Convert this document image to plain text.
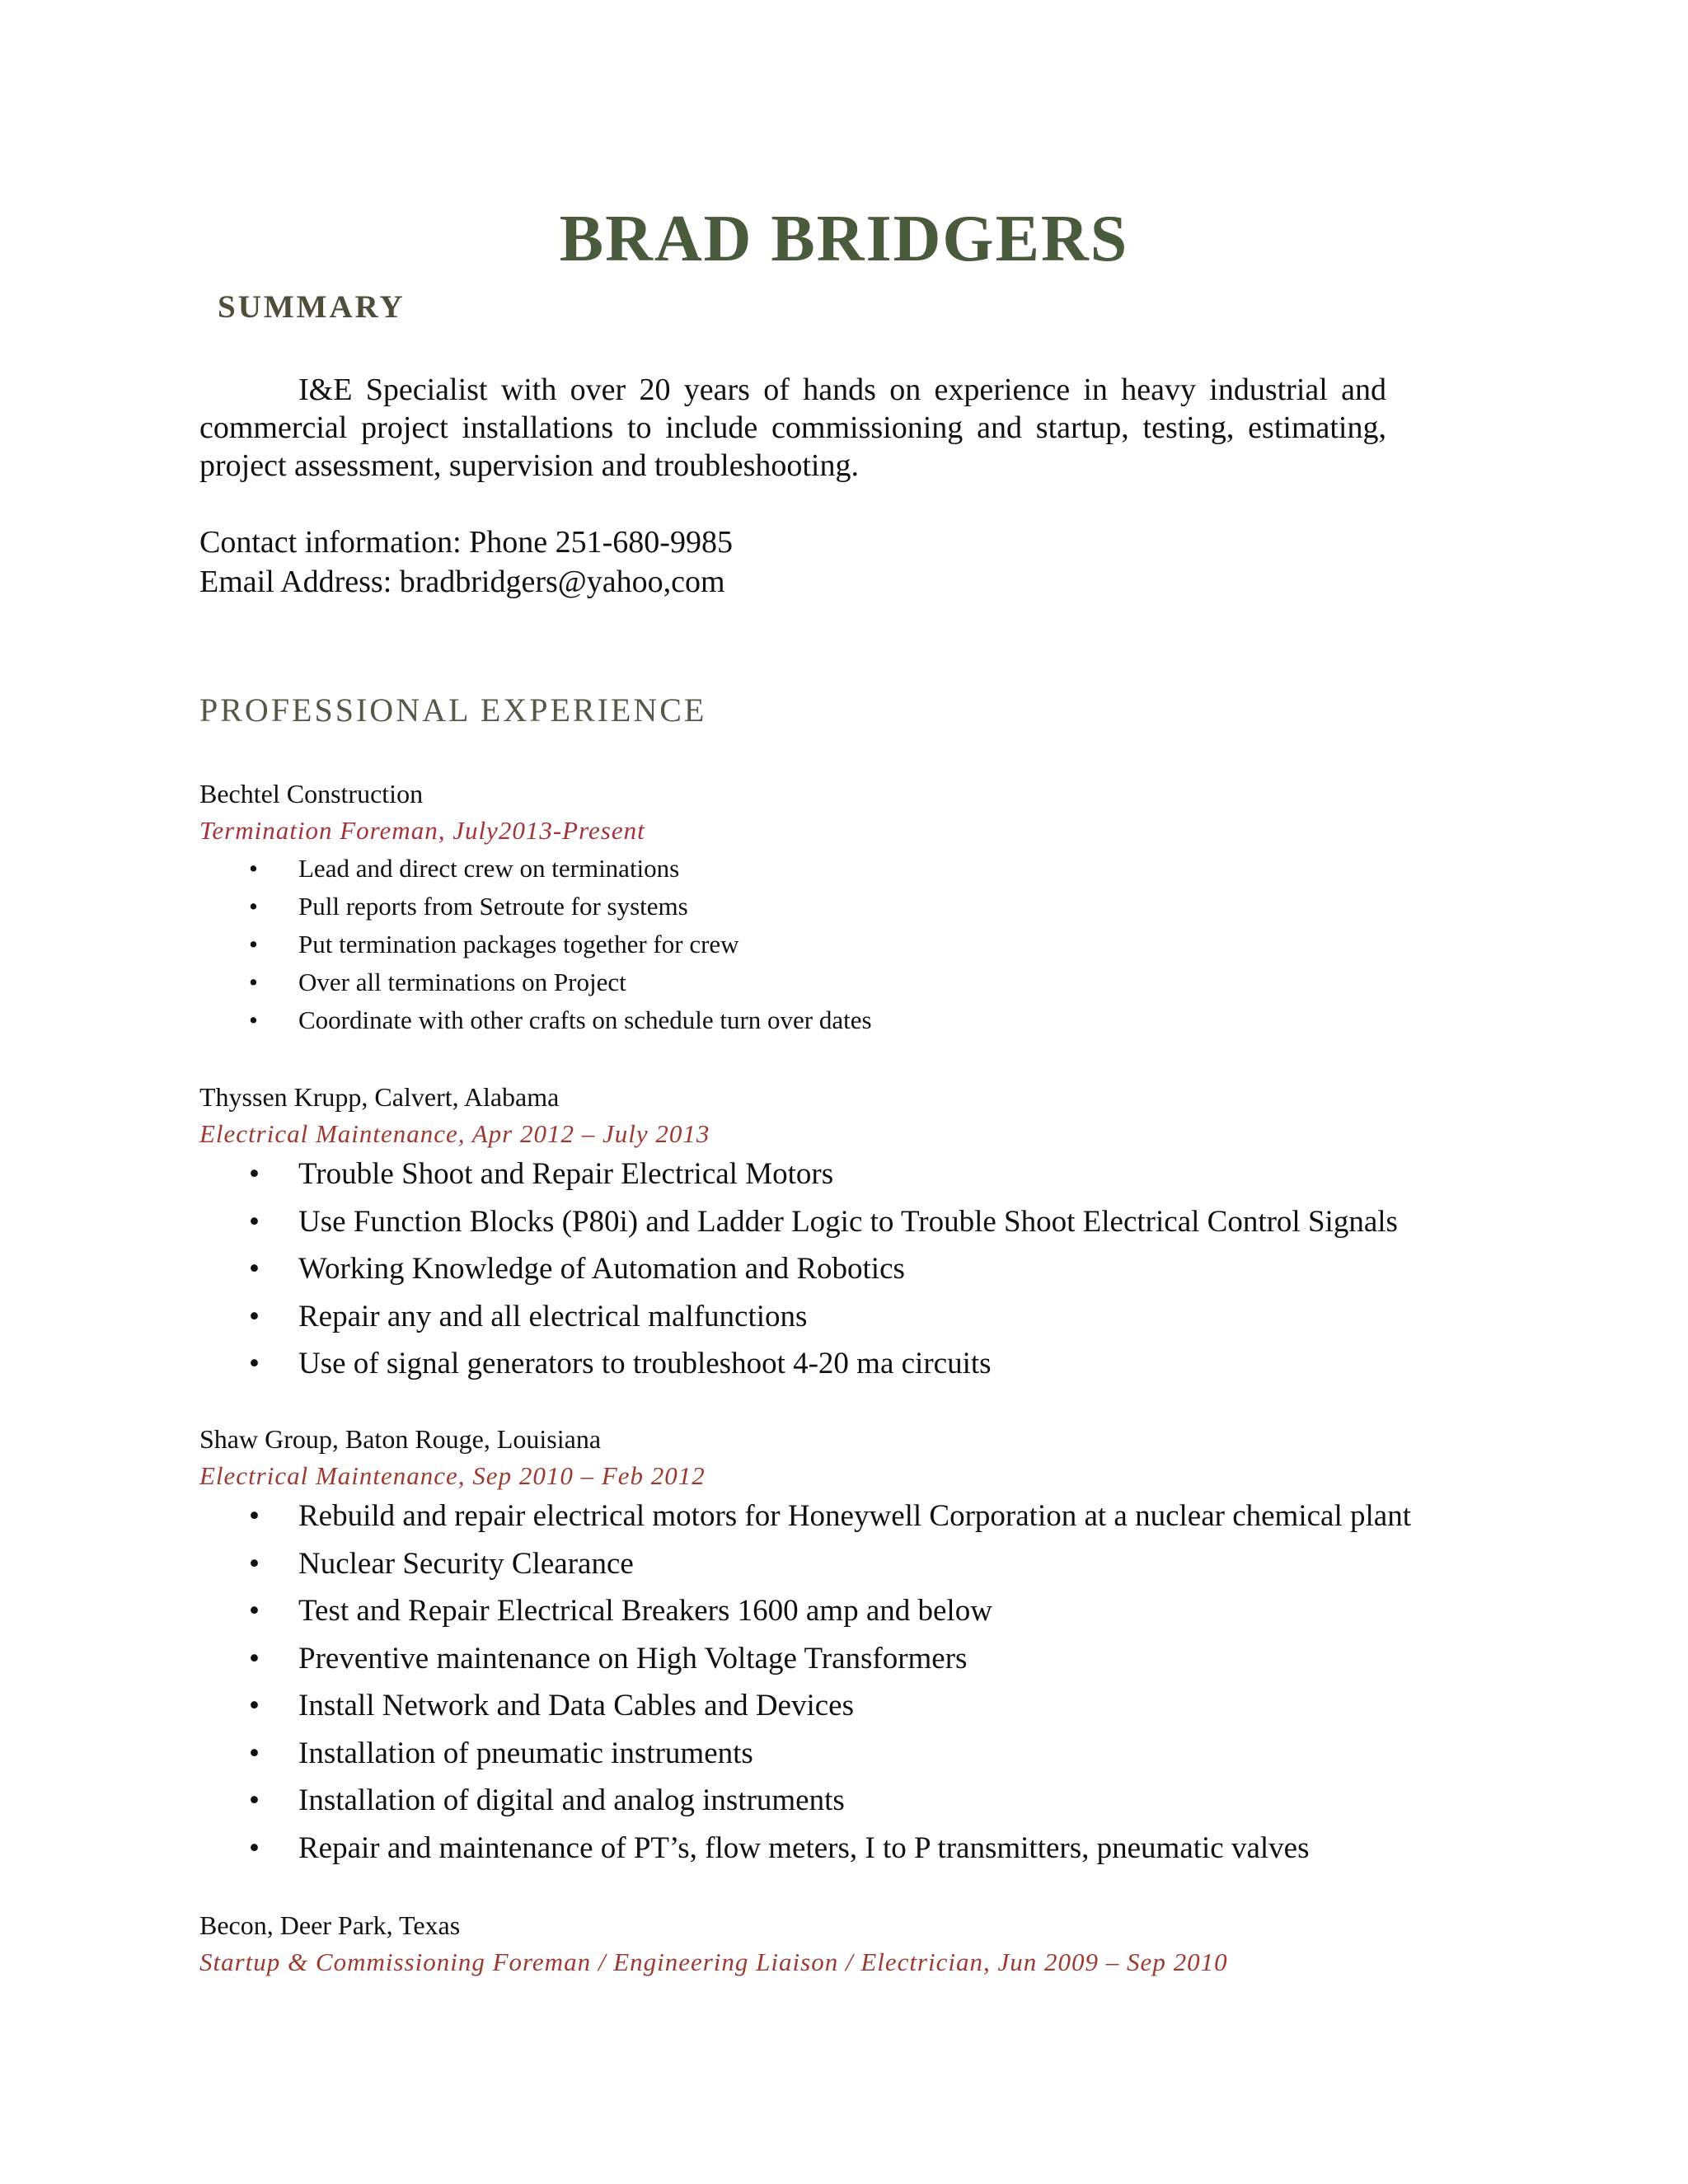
BRAD BRIDGERS
SUMMARY
I&E Specialist with over 20 years of hands on experience in heavy industrial and commercial project installations to include commissioning and startup, testing, estimating, project assessment, supervision and troubleshooting.
Contact information: Phone 251-680-9985
Email Address: bradbridgers@yahoo,com
PROFESSIONAL EXPERIENCE
Bechtel Construction
Termination Foreman, July2013-Present
• Lead and direct crew on terminations
• Pull reports from Setroute for systems
• Put termination packages together for crew
• Over all terminations on Project
• Coordinate with other crafts on schedule turn over dates
Thyssen Krupp, Calvert, Alabama
Electrical Maintenance, Apr 2012 – July 2013
• Trouble Shoot and Repair Electrical Motors
• Use Function Blocks (P80i) and Ladder Logic to Trouble Shoot Electrical Control Signals
• Working Knowledge of Automation and Robotics
• Repair any and all electrical malfunctions
• Use of signal generators to troubleshoot 4-20 ma circuits
Shaw Group, Baton Rouge, Louisiana
Electrical Maintenance, Sep 2010 – Feb 2012
• Rebuild and repair electrical motors for Honeywell Corporation at a nuclear chemical plant
• Nuclear Security Clearance
• Test and Repair Electrical Breakers 1600 amp and below
• Preventive maintenance on High Voltage Transformers
• Install Network and Data Cables and Devices
• Installation of pneumatic instruments
• Installation of digital and analog instruments
• Repair and maintenance of PT’s, flow meters, I to P transmitters, pneumatic valves
Becon, Deer Park, Texas
Startup & Commissioning Foreman / Engineering Liaison / Electrician, Jun 2009 – Sep 2010
